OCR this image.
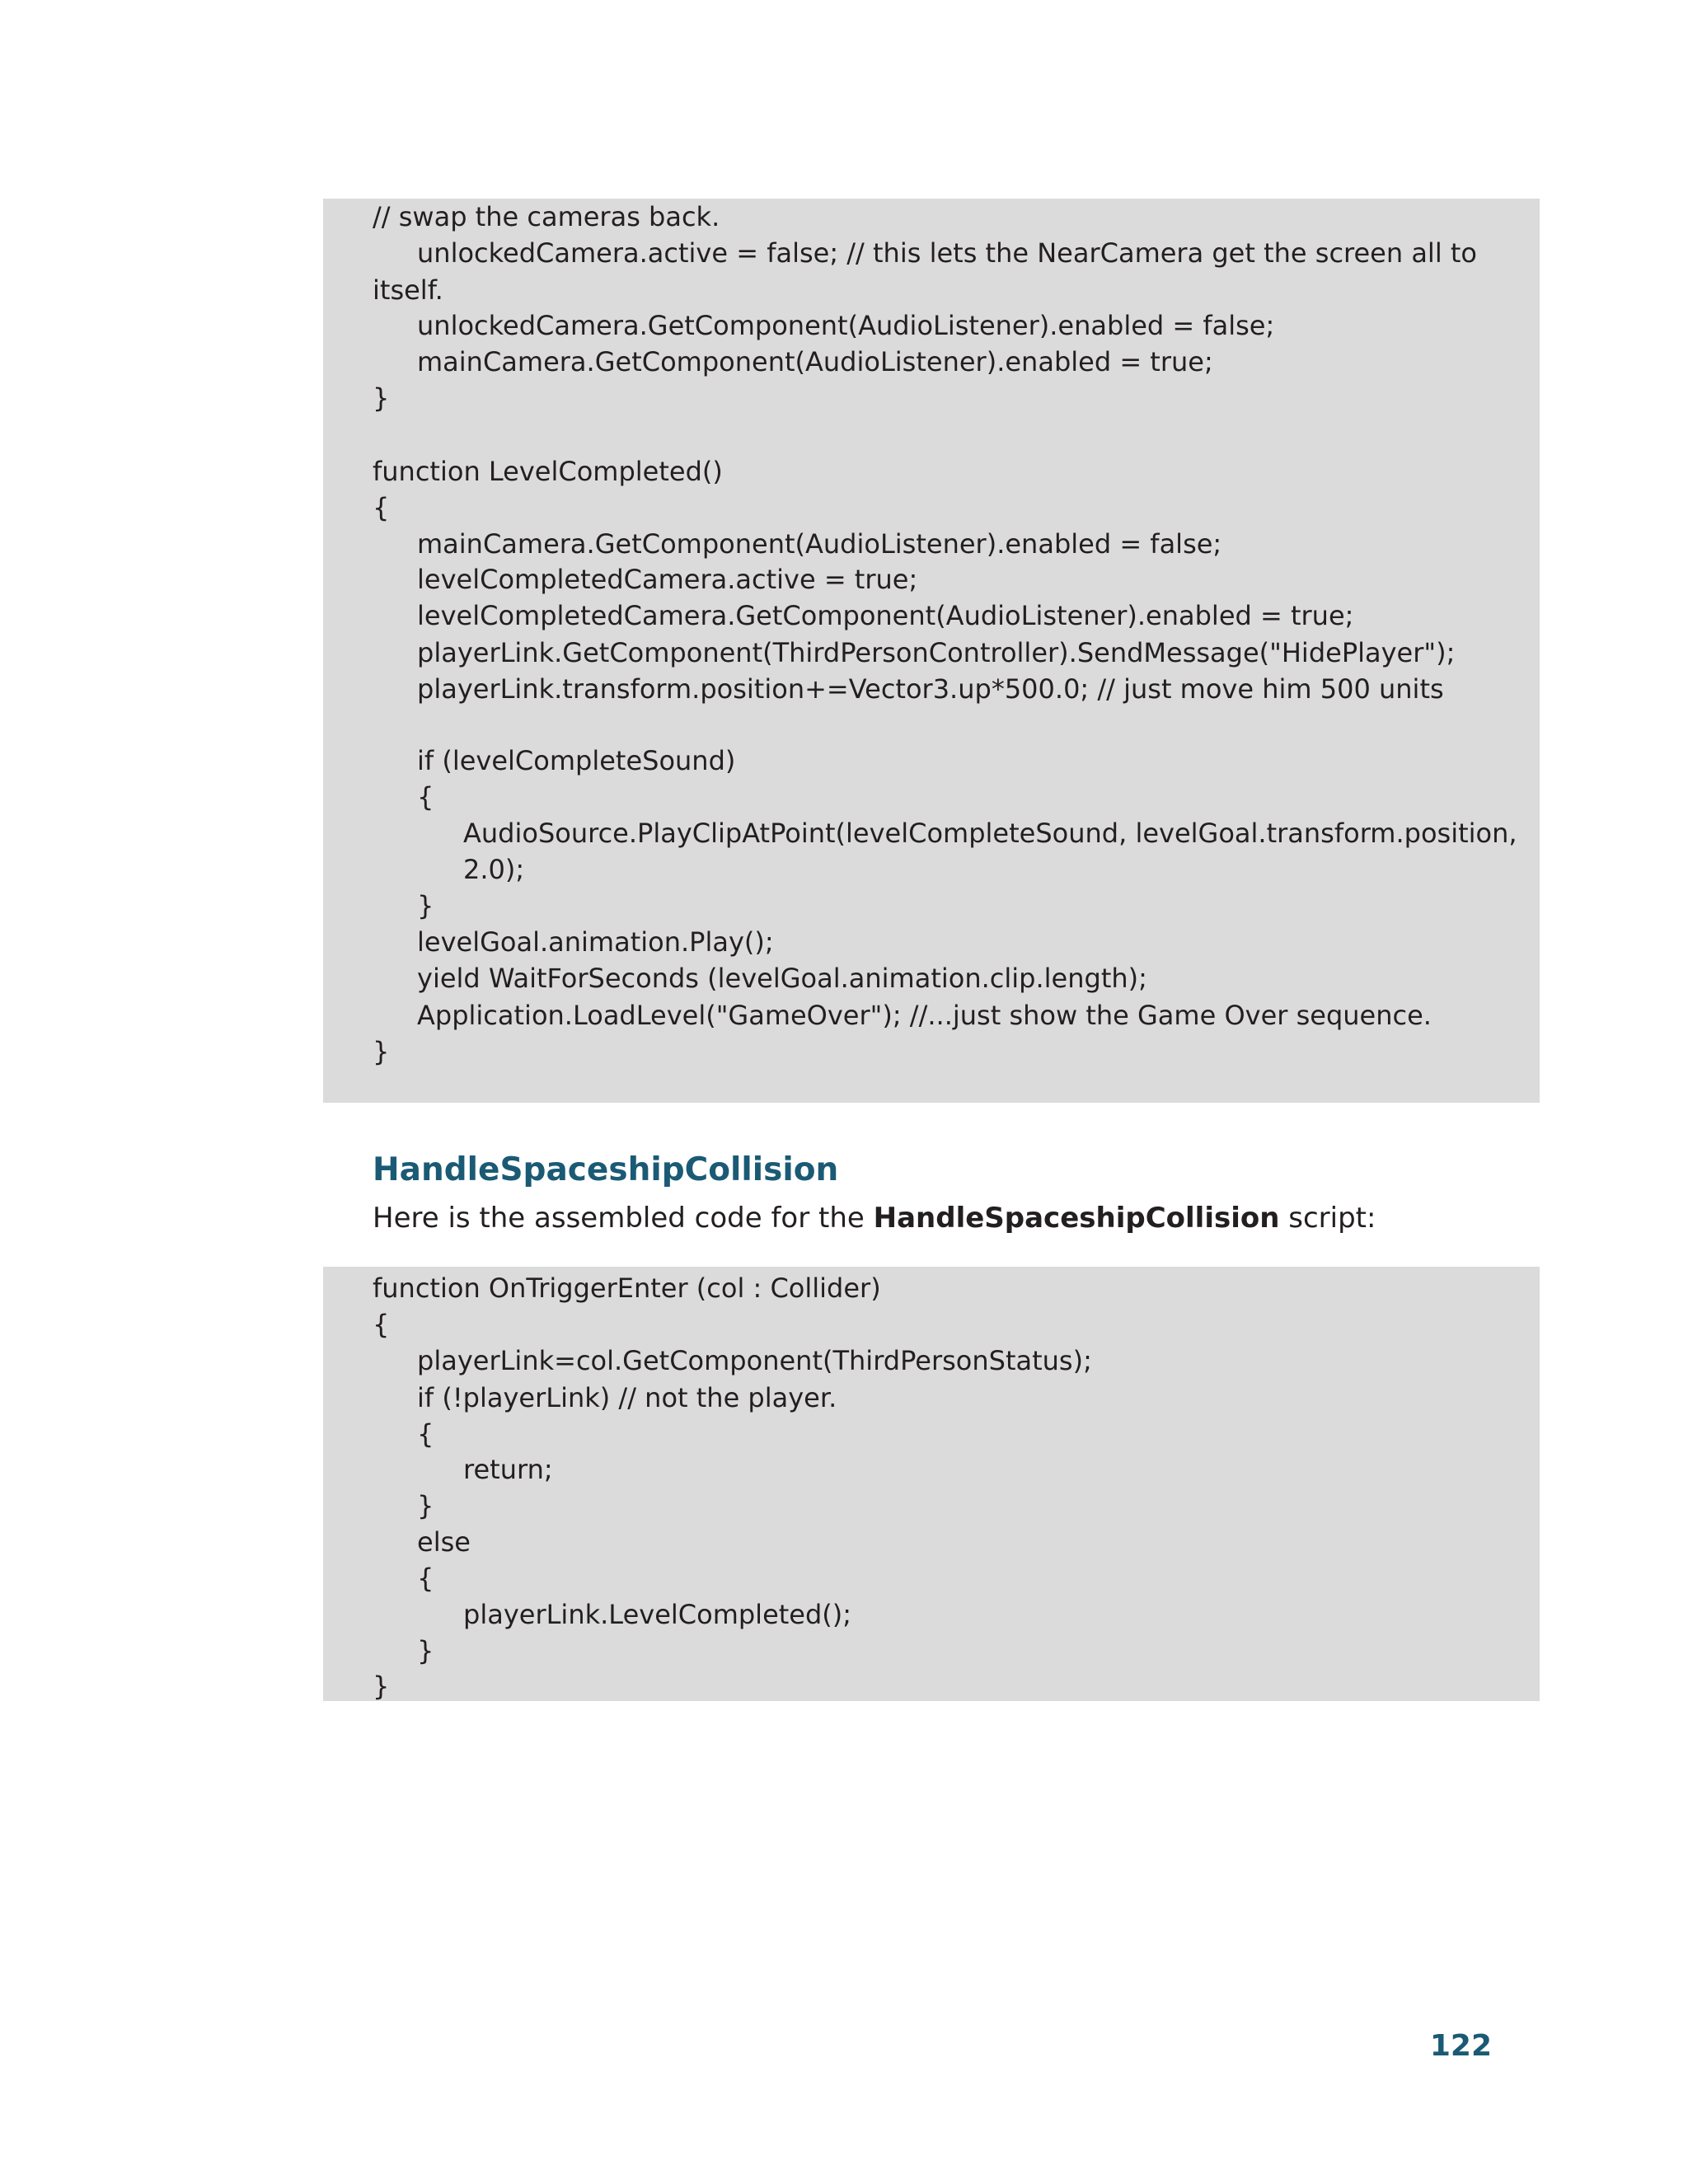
// swap the cameras back.
unlockedCamera.active = false; // this lets the NearCamera get the screen all to
itself.
unlockedCamera.GetComponent(AudioListener).enabled = false;
mainCamera.GetComponent(AudioListener).enabled = true;
}
function LevelCompleted()
{
mainCamera.GetComponent(AudioListener).enabled = false;
levelCompletedCamera.active = true;
levelCompletedCamera.GetComponent(AudioListener).enabled = true;
playerLink.GetComponent(ThirdPersonController).SendMessage("HidePlayer");
playerLink.transform.position+=Vector3.up*500.0; // just move him 500 units
if (levelCompleteSound)
{
AudioSource.PlayClipAtPoint(levelCompleteSound, levelGoal.transform.position,
2.0);
}
levelGoal.animation.Play();
yield WaitForSeconds (levelGoal.animation.clip.length);
Application.LoadLevel("GameOver"); //...just show the Game Over sequence.
}
HandleSpaceshipCollision

Here is the assembled code for the HandleSpaceshipCollision script:

function OnTriggerEnter (col : Collider)
{
playerLink=col.GetComponent(ThirdPersonStatus);
if (!playerLink) // not the player.
{
return;
}
else
{
playerLink.LevelCompleted();
}
}
122
